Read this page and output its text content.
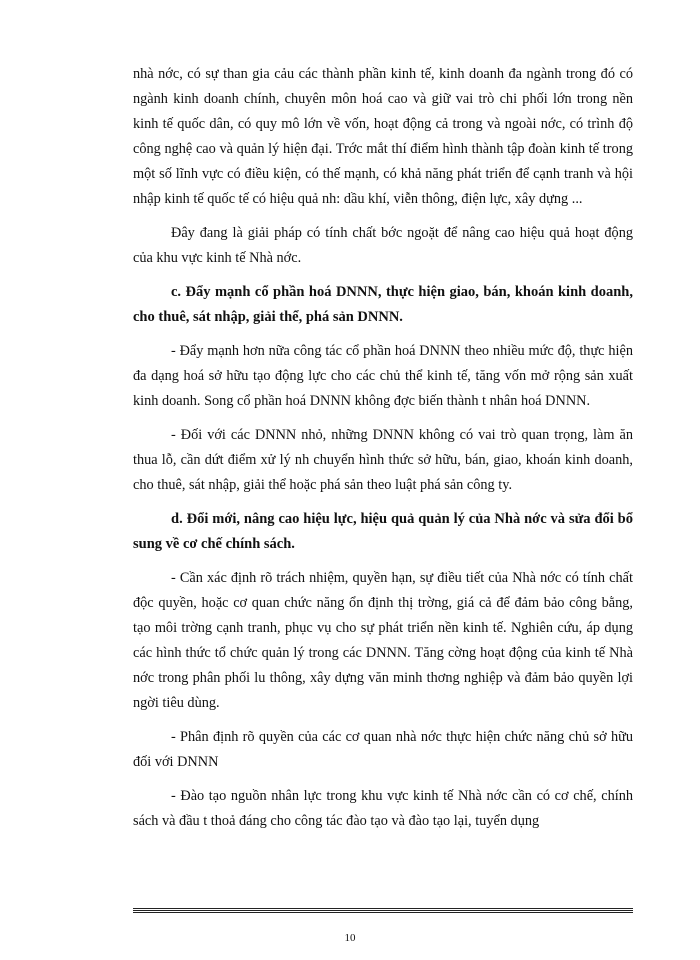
nhà nớc, có sự than gia cảu các thành phần kinh tế, kinh doanh đa ngành trong đó có ngành kinh doanh chính, chuyên môn hoá cao và giữ vai trò chi phối lớn trong nền kinh tế quốc dân, có quy mô lớn về vốn, hoạt động cả trong và ngoài nớc, có trình độ công nghệ cao và quản lý hiện đại. Trớc mắt thí điểm hình thành tập đoàn kinh tế trong một số lĩnh vực có điều kiện, có thế mạnh, có khả năng phát triển để cạnh tranh và hội nhập kinh tế quốc tế có hiệu quả nh: dầu khí, viễn thông, điện lực, xây dựng ...

Đây đang là giải pháp có tính chất bớc ngoặt để nâng cao hiệu quả hoạt động của khu vực kinh tế Nhà nớc.

c. Đẩy mạnh cổ phần hoá DNNN, thực hiện giao, bán, khoán kinh doanh, cho thuê, sát nhập, giải thể, phá sản DNNN.

- Đẩy mạnh hơn nữa công tác cổ phần hoá DNNN theo nhiều mức độ, thực hiện đa dạng hoá sở hữu tạo động lực cho các chủ thể kinh tế, tăng vốn mở rộng sản xuất kinh doanh. Song cổ phần hoá DNNN không đợc biến thành t nhân hoá DNNN.

- Đối với các DNNN nhỏ, những DNNN không có vai trò quan trọng, làm ăn thua lỗ, cần dứt điểm xử lý nh chuyển hình thức sở hữu, bán, giao, khoán kinh doanh, cho thuê, sát nhập, giải thể hoặc phá sản theo luật phá sản công ty.

d. Đổi mới, nâng cao hiệu lực, hiệu quả quản lý của Nhà nớc và sửa đổi bổ sung về cơ chế chính sách.

- Cần xác định rõ trách nhiệm, quyền hạn, sự điều tiết của Nhà nớc có tính chất độc quyền, hoặc cơ quan chức năng ổn định thị trờng, giá cả để đảm bảo công bằng, tạo môi trờng cạnh tranh, phục vụ cho sự phát triển nền kinh tế. Nghiên cứu, áp dụng các hình thức tổ chức quản lý trong các DNNN. Tăng cờng hoạt động của kinh tế Nhà nớc trong phân phối lu thông, xây dựng văn minh thơng nghiệp và đảm bảo quyền lợi ngời tiêu dùng.

- Phân định rõ quyền của các cơ quan nhà nớc thực hiện chức năng chủ sở hữu đối với DNNN

- Đào tạo nguồn nhân lực trong khu vực kinh tế Nhà nớc cần có cơ chế, chính sách và đầu t thoả đáng cho công tác đào tạo và đào tạo lại, tuyển dụng

10
